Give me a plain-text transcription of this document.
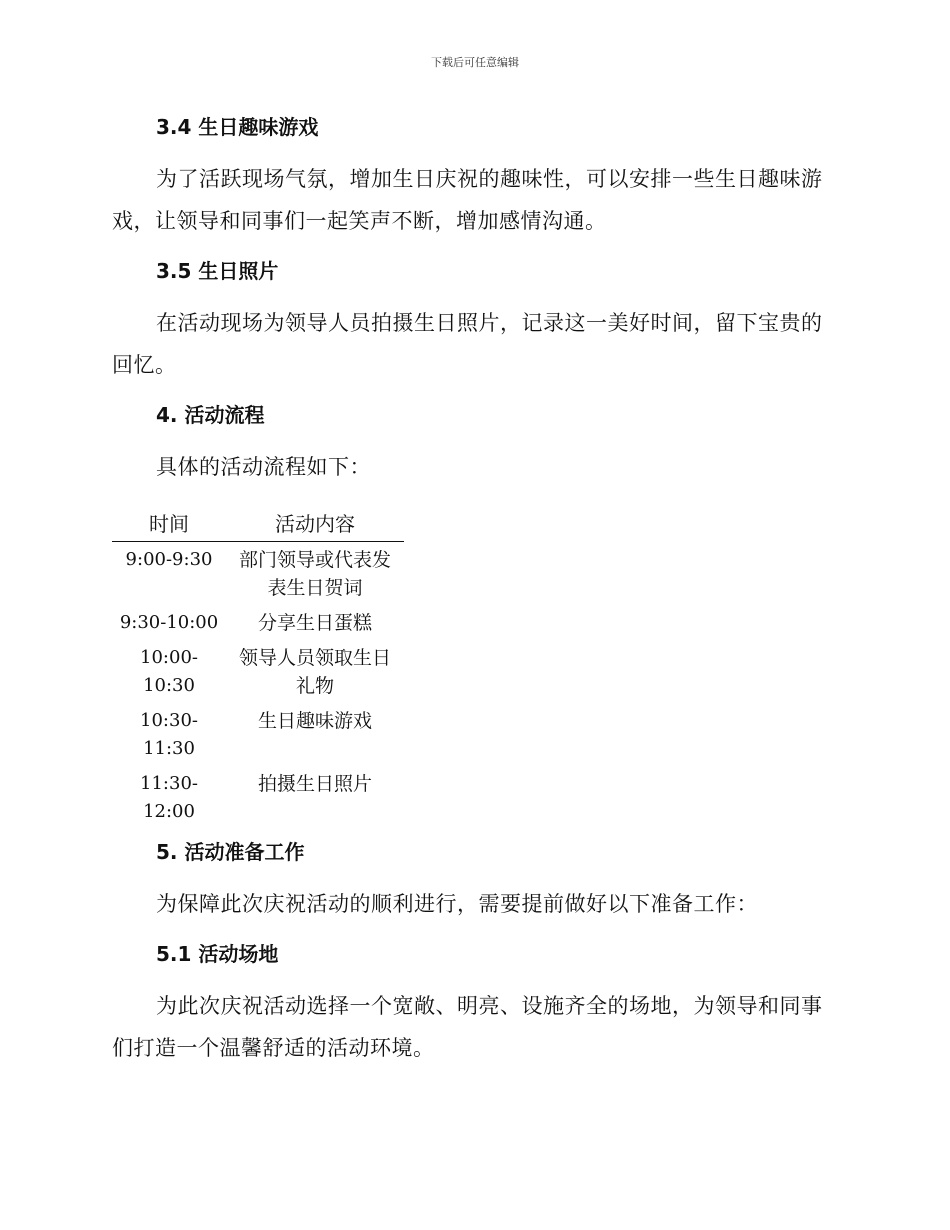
下载后可任意编辑
3.4 生日趣味游戏

为了活跃现场气氛，增加生日庆祝的趣味性，可以安排一些生日趣味游戏，让领导和同事们一起笑声不断，增加感情沟通。

3.5 生日照片

在活动现场为领导人员拍摄生日照片，记录这一美好时间，留下宝贵的回忆。

4. 活动流程

具体的活动流程如下：

时间	活动内容
9:00-9:30	部门领导或代表发表生日贺词
9:30-10:00	分享生日蛋糕
10:00-10:30	领导人员领取生日礼物
10:30-11:30	生日趣味游戏
11:30-12:00	拍摄生日照片
5. 活动准备工作

为保障此次庆祝活动的顺利进行，需要提前做好以下准备工作：

5.1 活动场地

为此次庆祝活动选择一个宽敞、明亮、设施齐全的场地，为领导和同事们打造一个温馨舒适的活动环境。
